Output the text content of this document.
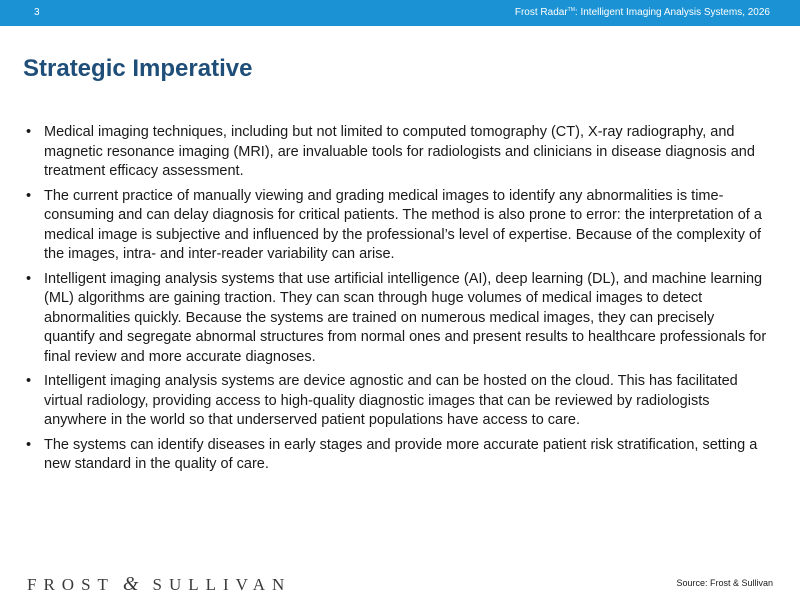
3	Frost Radar™: Intelligent Imaging Analysis Systems, 2026
Strategic Imperative
• Medical imaging techniques, including but not limited to computed tomography (CT), X-ray radiography, and magnetic resonance imaging (MRI), are invaluable tools for radiologists and clinicians in disease diagnosis and treatment efficacy assessment.
• The current practice of manually viewing and grading medical images to identify any abnormalities is time-consuming and can delay diagnosis for critical patients. The method is also prone to error: the interpretation of a medical image is subjective and influenced by the professional’s level of expertise. Because of the complexity of the images, intra- and inter-reader variability can arise.
• Intelligent imaging analysis systems that use artificial intelligence (AI), deep learning (DL), and machine learning (ML) algorithms are gaining traction. They can scan through huge volumes of medical images to detect abnormalities quickly. Because the systems are trained on numerous medical images, they can precisely quantify and segregate abnormal structures from normal ones and present results to healthcare professionals for final review and more accurate diagnoses.
• Intelligent imaging analysis systems are device agnostic and can be hosted on the cloud. This has facilitated virtual radiology, providing access to high-quality diagnostic images that can be reviewed by radiologists anywhere in the world so that underserved patient populations have access to care.
• The systems can identify diseases in early stages and provide more accurate patient risk stratification, setting a new standard in the quality of care.
FROST & SULLIVAN	Source: Frost & Sullivan
